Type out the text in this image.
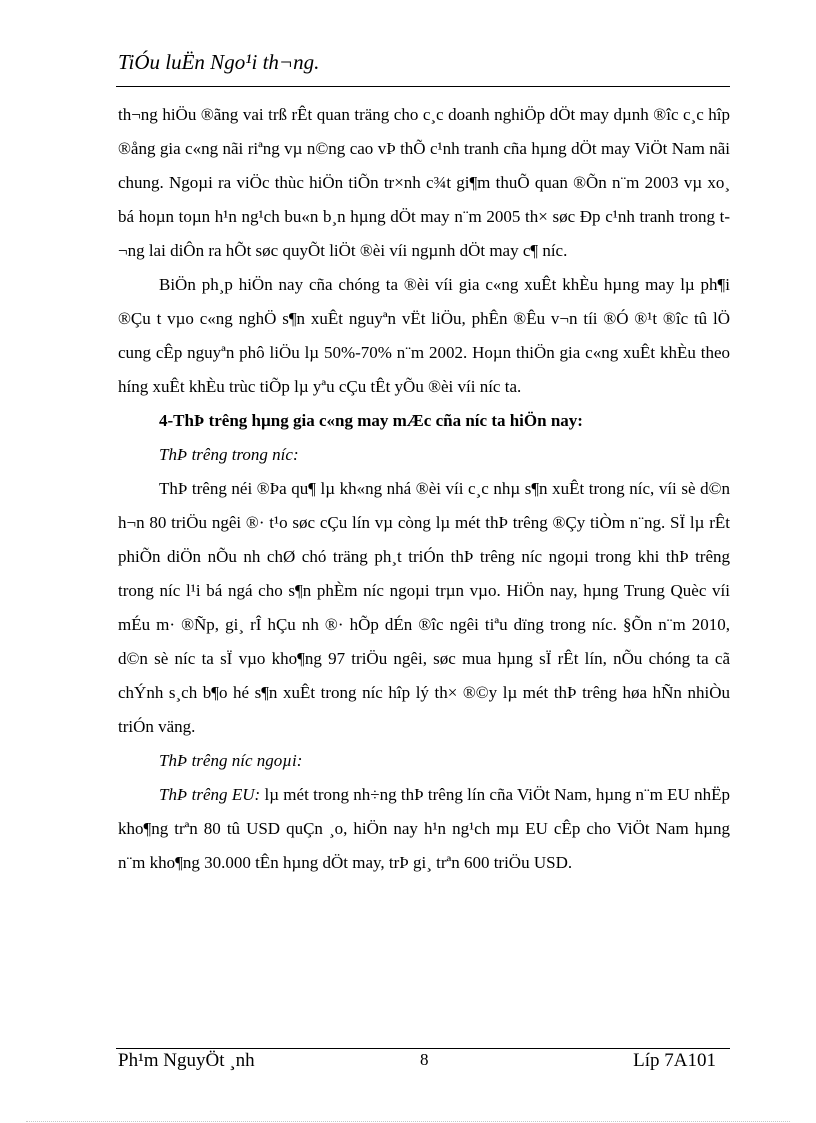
TiÓu luËn Ngo¹i th¬ng.

th¬ng hiÖu ®ãng vai trß rÊt quan träng cho c¸c doanh nghiÖp dÖt may dµnh ®îc c¸c hîp ®ång gia c«ng nãi riªng vµ n©ng cao vÞ thÕ c¹nh tranh cña hµng dÖt may ViÖt Nam nãi chung. Ngoµi ra viÖc thùc hiÖn tiÕn tr×nh c¾t gi¶m thuÕ quan ®Õn n¨m 2003 vµ xo¸ bá hoµn toµn h¹n ng¹ch bu«n b¸n hµng dÖt may n¨m 2005 th× søc Ðp c¹nh tranh trong t¬ng lai diÔn ra hÕt søc quyÕt liÖt ®èi víi ngµnh dÖt may c¶ níc.

BiÖn ph¸p hiÖn nay cña chóng ta ®èi víi gia c«ng xuÊt khÈu hµng may lµ ph¶i ®Çu t vµo c«ng nghÖ s¶n xuÊt nguyªn vËt liÖu, phÊn ®Êu v¬n tíi ®Ó ®¹t ®îc tû lÖ cung cÊp nguyªn phô liÖu lµ 50%-70% n¨m 2002. Hoµn thiÖn gia c«ng xuÊt khÈu theo híng xuÊt khÈu trùc tiÕp lµ yªu cÇu tÊt yÕu ®èi víi níc ta.

4-ThÞ trêng hµng gia c«ng may mÆc cña níc ta hiÖn nay:

ThÞ trêng trong níc:

ThÞ trêng néi ®Þa qu¶ lµ kh«ng nhá ®èi víi c¸c nhµ s¶n xuÊt trong níc, víi sè d©n h¬n 80 triÖu ngêi ®· t¹o søc cÇu lín vµ còng lµ mét thÞ trêng ®Çy tiÒm n¨ng. SÏ lµ rÊt phiÕn diÖn nÕu nh chØ chó träng ph¸t triÓn thÞ trêng níc ngoµi trong khi thÞ trêng trong níc l¹i bá ngá cho s¶n phÈm níc ngoµi trµn vµo. HiÖn nay, hµng Trung Quèc víi mÉu m· ®Ñp, gi¸ rÎ hÇu nh ®· hÕp dÉn ®îc ngêi tiªu dïng trong níc. §Õn n¨m 2010, d©n sè níc ta sÏ vµo kho¶ng 97 triÖu ngêi, søc mua hµng sÏ rÊt lín, nÕu chóng ta cã chÝnh s¸ch b¶o hé s¶n xuÊt trong níc hîp lý th× ®©y lµ mét thÞ trêng høa hÑn nhiÒu triÓn väng.

ThÞ trêng níc ngoµi:

ThÞ trêng EU: lµ mét trong nh÷ng thÞ trêng lín cña ViÖt Nam, hµng n¨m EU nhËp kho¶ng trªn 80 tû USD quÇn ¸o, hiÖn nay h¹n ng¹ch mµ EU cÊp cho ViÖt Nam hµng n¨m kho¶ng 30.000 tÊn hµng dÖt may, trÞ gi¸ trªn 600 triÖu USD.

Ph¹m NguyÖt ¸nh	8	Líp 7A101
